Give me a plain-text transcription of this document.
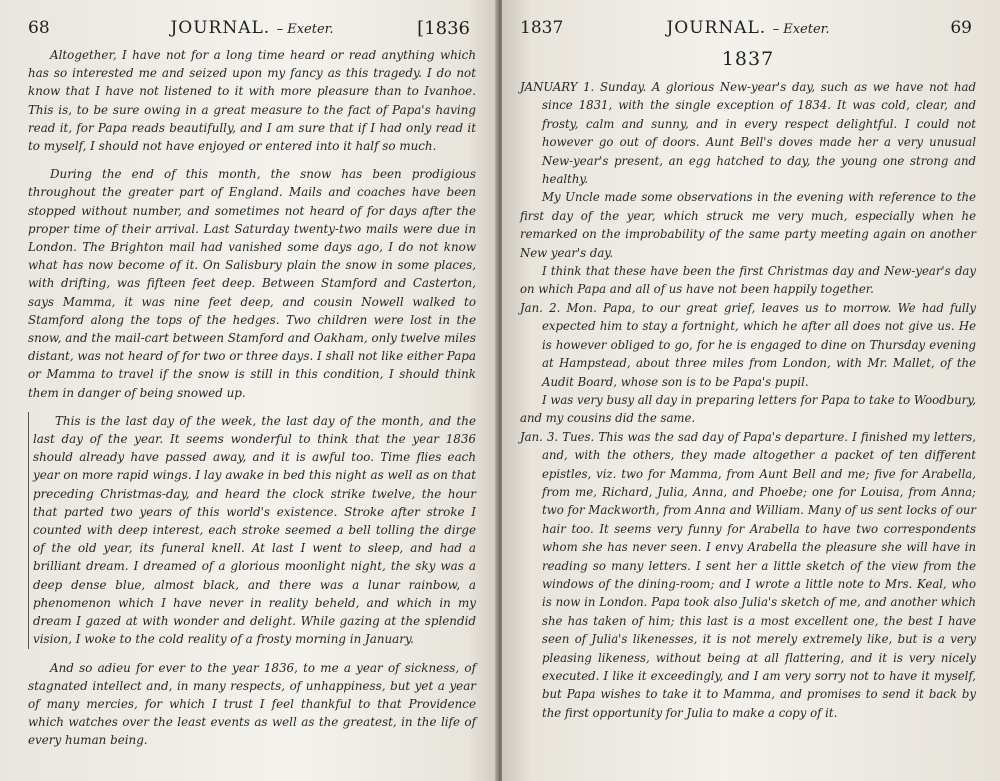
68	JOURNAL. – Exeter.	[1836

Altogether, I have not for a long time heard or read anything which has so interested me and seized upon my fancy as this tragedy. I do not know that I have not listened to it with more pleasure than to Ivanhoe. This is, to be sure owing in a great measure to the fact of Papa's having read it, for Papa reads beautifully, and I am sure that if I had only read it to myself, I should not have enjoyed or entered into it half so much.

During the end of this month, the snow has been prodigious throughout the greater part of England. Mails and coaches have been stopped without number, and sometimes not heard of for days after the proper time of their arrival. Last Saturday twenty-two mails were due in London. The Brighton mail had vanished some days ago, I do not know what has now become of it. On Salisbury plain the snow in some places, with drifting, was fifteen feet deep. Between Stamford and Casterton, says Mamma, it was nine feet deep, and cousin Nowell walked to Stamford along the tops of the hedges. Two children were lost in the snow, and the mail-cart between Stamford and Oakham, only twelve miles distant, was not heard of for two or three days. I shall not like either Papa or Mamma to travel if the snow is still in this condition, I should think them in danger of being snowed up.

This is the last day of the week, the last day of the month, and the last day of the year. It seems wonderful to think that the year 1836 should already have passed away, and it is awful too. Time flies each year on more rapid wings. I lay awake in bed this night as well as on that preceding Christmas-day, and heard the clock strike twelve, the hour that parted two years of this world's existence. Stroke after stroke I counted with deep interest, each stroke seemed a bell tolling the dirge of the old year, its funeral knell. At last I went to sleep, and had a brilliant dream. I dreamed of a glorious moonlight night, the sky was a deep dense blue, almost black, and there was a lunar rainbow, a phenomenon which I have never in reality beheld, and which in my dream I gazed at with wonder and delight. While gazing at the splendid vision, I woke to the cold reality of a frosty morning in January.

And so adieu for ever to the year 1836, to me a year of sickness, of stagnated intellect and, in many respects, of unhappiness, but yet a year of many mercies, for which I trust I feel thankful to that Providence which watches over the least events as well as the greatest, in the life of every human being.

1837	JOURNAL. – Exeter.	69
1837

JANUARY 1. Sunday. A glorious New-year's day, such as we have not had since 1831, with the single exception of 1834. It was cold, clear, and frosty, calm and sunny, and in every respect delightful. I could not however go out of doors. Aunt Bell's doves made her a very unusual New-year's present, an egg hatched to day, the young one strong and healthy.

My Uncle made some observations in the evening with reference to the first day of the year, which struck me very much, especially when he remarked on the improbability of the same party meeting again on another New year's day.

I think that these have been the first Christmas day and New-year's day on which Papa and all of us have not been happily together.

Jan. 2. Mon. Papa, to our great grief, leaves us to morrow. We had fully expected him to stay a fortnight, which he after all does not give us. He is however obliged to go, for he is engaged to dine on Thursday evening at Hampstead, about three miles from London, with Mr. Mallet, of the Audit Board, whose son is to be Papa's pupil.

I was very busy all day in preparing letters for Papa to take to Woodbury, and my cousins did the same.

Jan. 3. Tues. This was the sad day of Papa's departure. I finished my letters, and, with the others, they made altogether a packet of ten different epistles, viz. two for Mamma, from Aunt Bell and me; five for Arabella, from me, Richard, Julia, Anna, and Phoebe; one for Louisa, from Anna; two for Mackworth, from Anna and William. Many of us sent locks of our hair too. It seems very funny for Arabella to have two correspondents whom she has never seen. I envy Arabella the pleasure she will have in reading so many letters. I sent her a little sketch of the view from the windows of the dining-room; and I wrote a little note to Mrs. Keal, who is now in London. Papa took also Julia's sketch of me, and another which she has taken of him; this last is a most excellent one, the best I have seen of Julia's likenesses, it is not merely extremely like, but is a very pleasing likeness, without being at all flattering, and it is very nicely executed. I like it exceedingly, and I am very sorry not to have it myself, but Papa wishes to take it to Mamma, and promises to send it back by the first opportunity for Julia to make a copy of it.
